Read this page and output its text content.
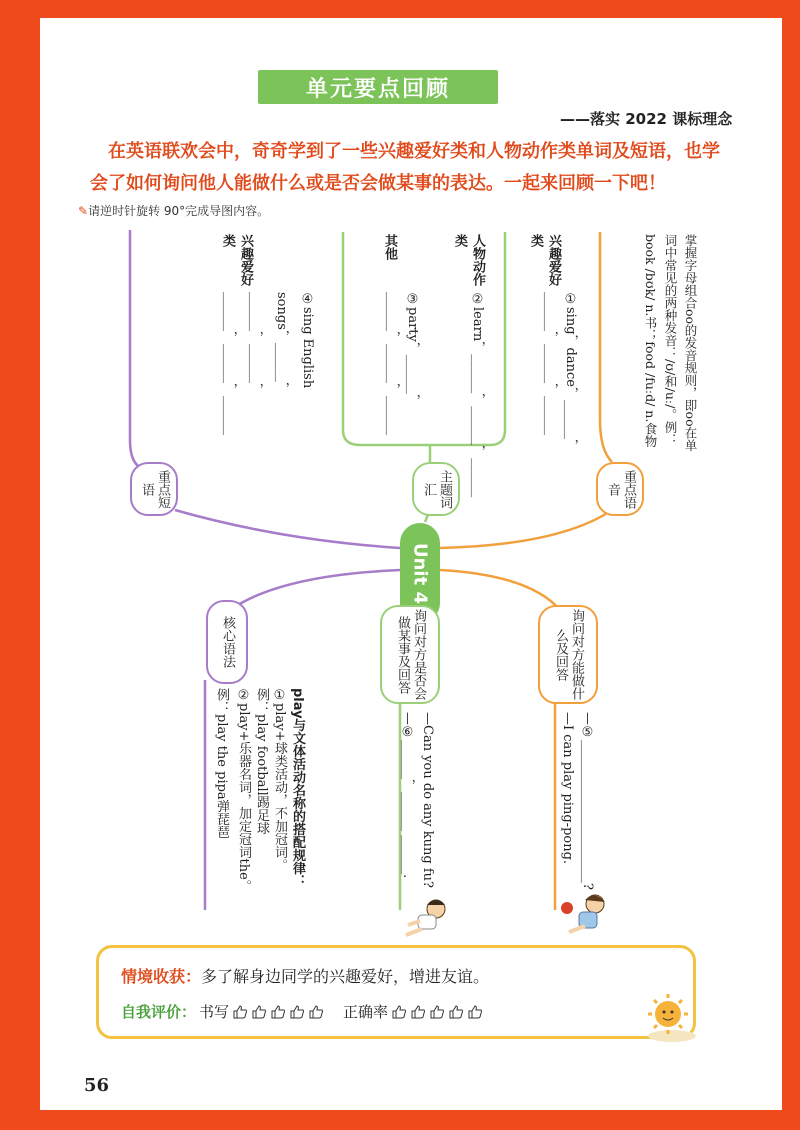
单元要点回顾
——落实 2022 课标理念
在英语联欢会中，奇奇学到了一些兴趣爱好类和人物动作类单词及短语，也学会了如何询问他人能做什么或是否会做某事的表达。一起来回顾一下吧！
✎请逆时针旋转 90°完成导图内容。
掌握字母组合oo的发音规则，即oo在单词中常见的两种发音：/ʊ/和/uː/。例：book /bʊk/ n.书；food /fuːd/ n.食物
兴趣爱好类
①sing，dance，______，______，______，______
人物动作类
②learn，______，______，______
其他
③party，______，______，______，______
兴趣爱好类
④sing English songs，______，______，______，______，______，______
重点短语	主题词汇	重点语音
Unit 4
核心语法	询问对方是否会做某事及回答	询问对方能做什么及回答
play与文体活动名称的搭配规律：
①play+球类活动，不加冠词。
例：play football踢足球
②play+乐器名词，加定冠词the。
例：play the pipa弹琵琶	—Can you do any kung fu?
—⑥______，______ ______.	—⑤______________________?
—I can play ping-pong.
情境收获：多了解身边同学的兴趣爱好，增进友谊。
自我评价： 书写	正确率
56
